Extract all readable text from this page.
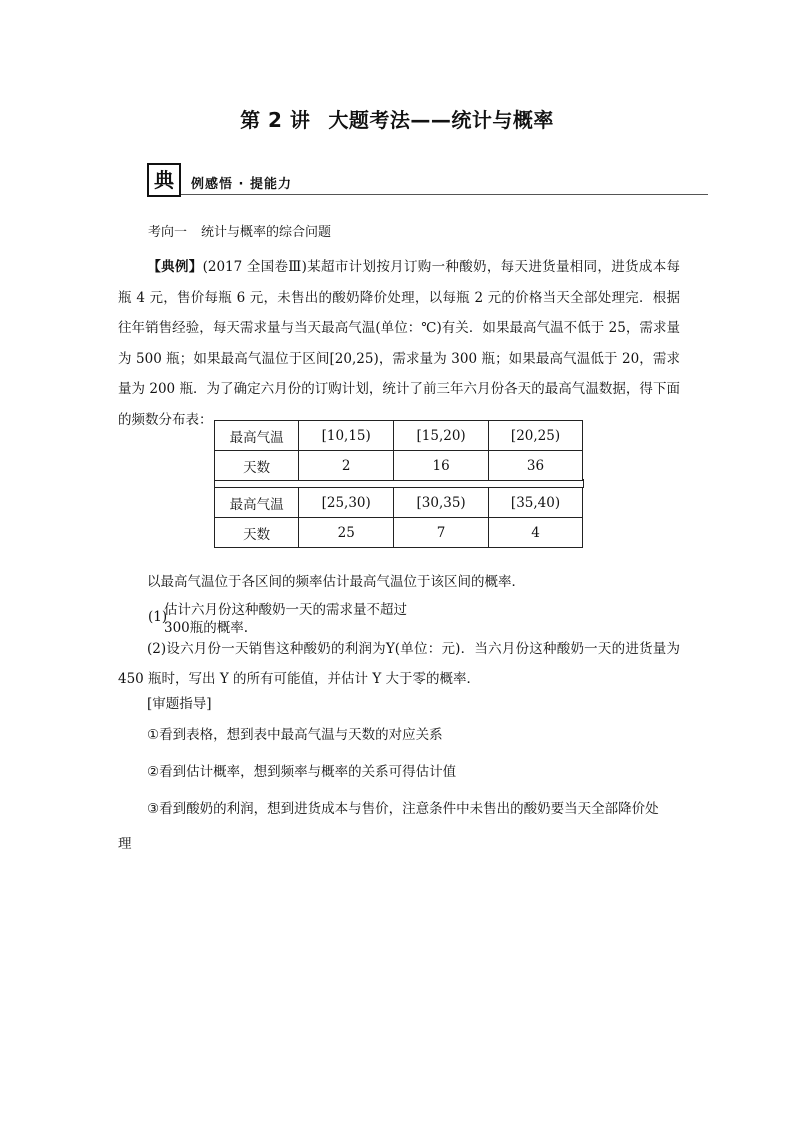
第 2 讲 大题考法——统计与概率
典	例感悟 · 提能力
考向一 统计与概率的综合问题
【典例】(2017 全国卷Ⅲ)某超市计划按月订购一种酸奶，每天进货量相同，进货成本每瓶 4 元，售价每瓶 6 元，未售出的酸奶降价处理，以每瓶 2 元的价格当天全部处理完．根据往年销售经验，每天需求量与当天最高气温(单位：℃)有关．如果最高气温不低于 25，需求量为 500 瓶；如果最高气温位于区间[20,25)，需求量为 300 瓶；如果最高气温低于 20，需求量为 200 瓶．为了确定六月份的订购计划，统计了前三年六月份各天的最高气温数据，得下面的频数分布表：
最高气温	[10,15)	[15,20)	[20,25)
天数	2	16	36
最高气温	[25,30)	[30,35)	[35,40)
天数	25	7	4
以最高气温位于各区间的频率估计最高气温位于该区间的概率．
(1)
估计六月份这种酸奶一天的需求量不超过
300瓶的概率.
(2)设六月份一天销售这种酸奶的利润为Y(单位：元)．当六月份这种酸奶一天的进货量为 450 瓶时，写出 Y 的所有可能值，并估计 Y 大于零的概率．
[审题指导]
①看到表格，想到表中最高气温与天数的对应关系
②看到估计概率，想到频率与概率的关系可得估计值
③看到酸奶的利润，想到进货成本与售价，注意条件中未售出的酸奶要当天全部降价处
理
